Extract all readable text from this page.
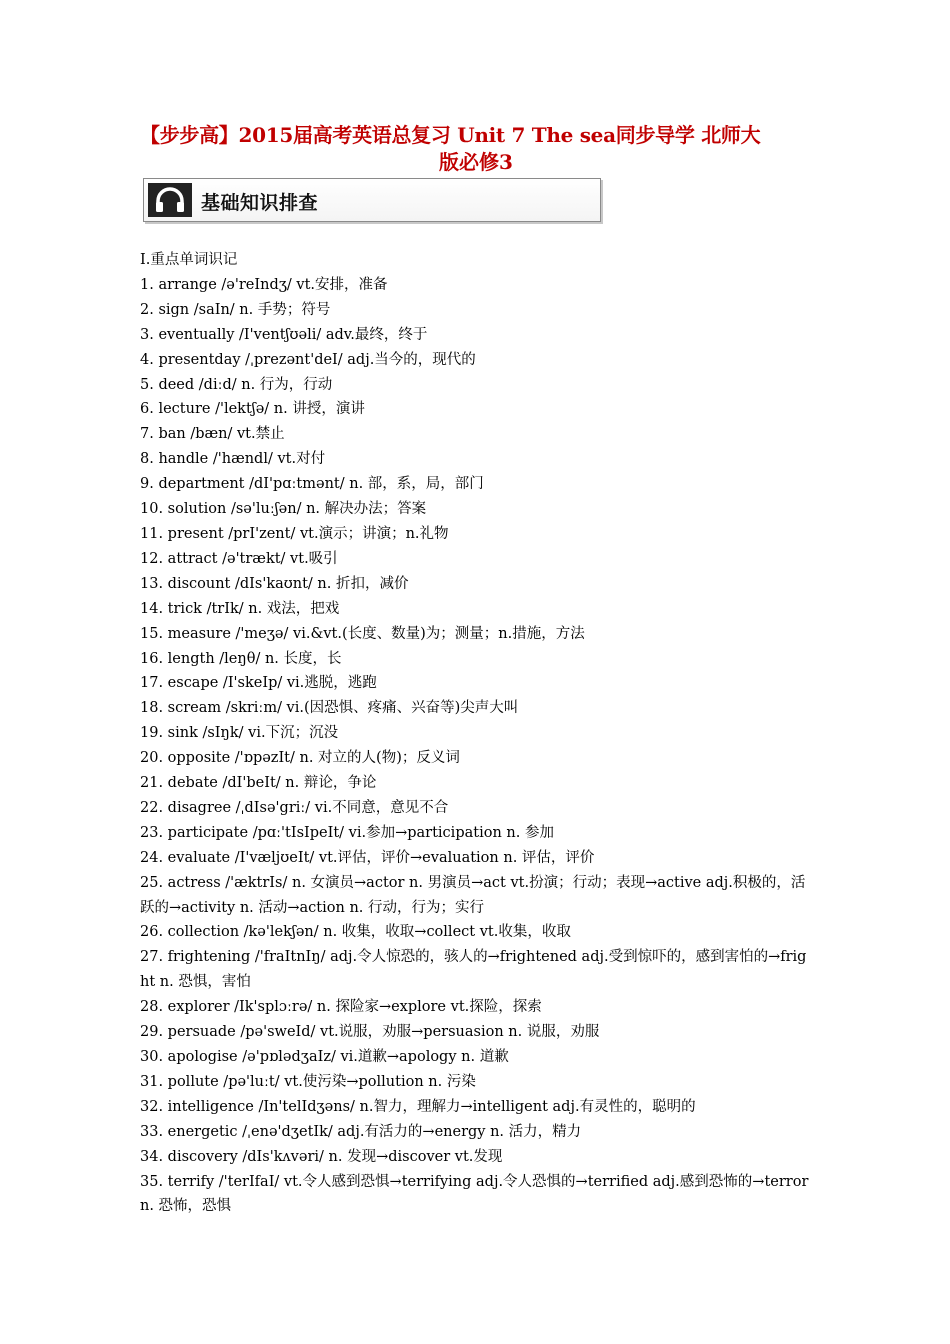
【步步高】2015届高考英语总复习 Unit 7 The sea同步导学 北师大
版必修3
基础知识排查
Ⅰ.重点单词识记
1. arrange /ə'reIndʒ/ vt.安排，准备
2. sign /saIn/ n. 手势；符号
3. eventually /I'ventʃʊəli/ adv.最终，终于
4. presentday /ˌprezənt'deI/ adj.当今的，现代的
5. deed /diːd/ n. 行为，行动
6. lecture /'lektʃə/ n. 讲授，演讲
7. ban /bæn/ vt.禁止
8. handle /'hændl/ vt.对付
9. department /dI'pɑːtmənt/ n. 部，系，局，部门
10. solution /sə'luːʃən/ n. 解决办法；答案
11. present /prI'zent/ vt.演示；讲演；n.礼物
12. attract /ə'trækt/ vt.吸引
13. discount /dIs'kaʊnt/ n. 折扣，减价
14. trick /trIk/ n. 戏法，把戏
15. measure /'meʒə/ vi.&vt.(长度、数量)为；测量；n.措施，方法
16. length /leŋθ/ n. 长度，长
17. escape /I'skeIp/ vi.逃脱，逃跑
18. scream /skriːm/ vi.(因恐惧、疼痛、兴奋等)尖声大叫
19. sink /sIŋk/ vi.下沉；沉没
20. opposite /'ɒpəzIt/ n. 对立的人(物)；反义词
21. debate /dI'beIt/ n. 辩论，争论
22. disagree /ˌdIsə'griː/ vi.不同意，意见不合
23. participate /pɑː'tIsIpeIt/ vi.参加→participation n. 参加
24. evaluate /I'væljʊeIt/ vt.评估，评价→evaluation n. 评估，评价
25. actress /'æktrIs/ n. 女演员→actor n. 男演员→act vt.扮演；行动；表现→active adj.积极的，活跃的→activity n. 活动→action n. 行动，行为；实行
26. collection /kə'lekʃən/ n. 收集，收取→collect vt.收集，收取
27. frightening /'fraItnIŋ/ adj.令人惊恐的，骇人的→frightened adj.受到惊吓的，感到害怕的→fright n. 恐惧，害怕
28. explorer /Ik'splɔːrə/ n. 探险家→explore vt.探险，探索
29. persuade /pə'sweId/ vt.说服，劝服→persuasion n. 说服，劝服
30. apologise /ə'pɒlədʒaIz/ vi.道歉→apology n. 道歉
31. pollute /pə'luːt/ vt.使污染→pollution n. 污染
32. intelligence /In'telIdʒəns/ n.智力，理解力→intelligent adj.有灵性的，聪明的
33. energetic /ˌenə'dʒetIk/ adj.有活力的→energy n. 活力，精力
34. discovery /dIs'kʌvəri/ n. 发现→discover vt.发现
35. terrify /'terIfaI/ vt.令人感到恐惧→terrifying adj.令人恐惧的→terrified adj.感到恐怖的→terror n. 恐怖，恐惧
